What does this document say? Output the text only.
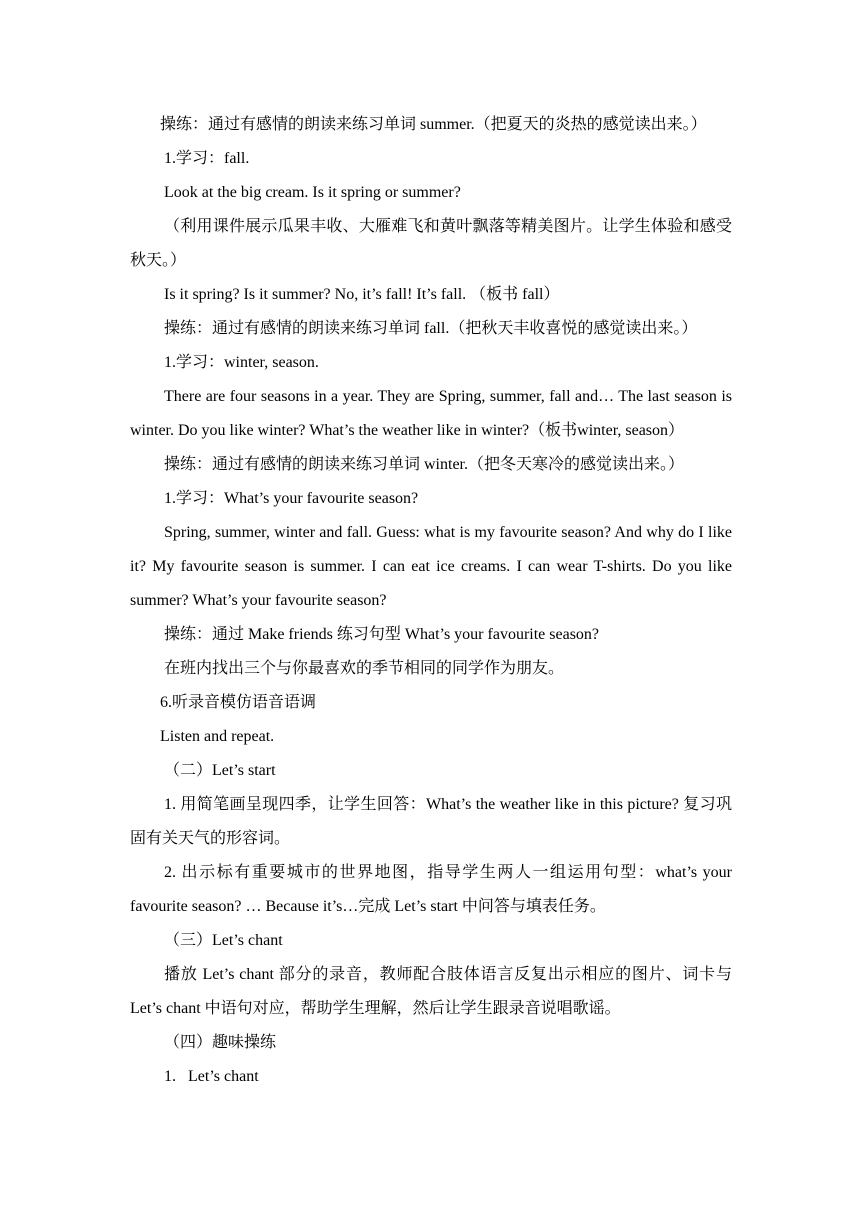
操练：通过有感情的朗读来练习单词 summer.（把夏天的炎热的感觉读出来。）

1.学习：fall.

Look at the big cream. Is it spring or summer?

（利用课件展示瓜果丰收、大雁难飞和黄叶飘落等精美图片。让学生体验和感受秋天。）

Is it spring? Is it summer? No, it’s fall! It’s fall. （板书 fall）

操练：通过有感情的朗读来练习单词 fall.（把秋天丰收喜悦的感觉读出来。）

1.学习：winter, season.

There are four seasons in a year. They are Spring, summer, fall and… The last season is winter. Do you like winter? What’s the weather like in winter?（板书winter, season）

操练：通过有感情的朗读来练习单词 winter.（把冬天寒冷的感觉读出来。）

1.学习：What’s your favourite season?

Spring, summer, winter and fall. Guess: what is my favourite season? And why do I like it? My favourite season is summer. I can eat ice creams. I can wear T-shirts. Do you like summer? What’s your favourite season?

操练：通过 Make friends 练习句型 What’s your favourite season?

在班内找出三个与你最喜欢的季节相同的同学作为朋友。

6.听录音模仿语音语调

Listen and repeat.

（二）Let’s start

1. 用简笔画呈现四季，让学生回答：What’s the weather like in this picture? 复习巩固有关天气的形容词。

2. 出示标有重要城市的世界地图，指导学生两人一组运用句型：what’s your favourite season? … Because it’s…完成 Let’s start 中问答与填表任务。

（三）Let’s chant

播放 Let’s chant 部分的录音，教师配合肢体语言反复出示相应的图片、词卡与 Let’s chant 中语句对应，帮助学生理解，然后让学生跟录音说唱歌谣。

（四）趣味操练

1.   Let’s chant
